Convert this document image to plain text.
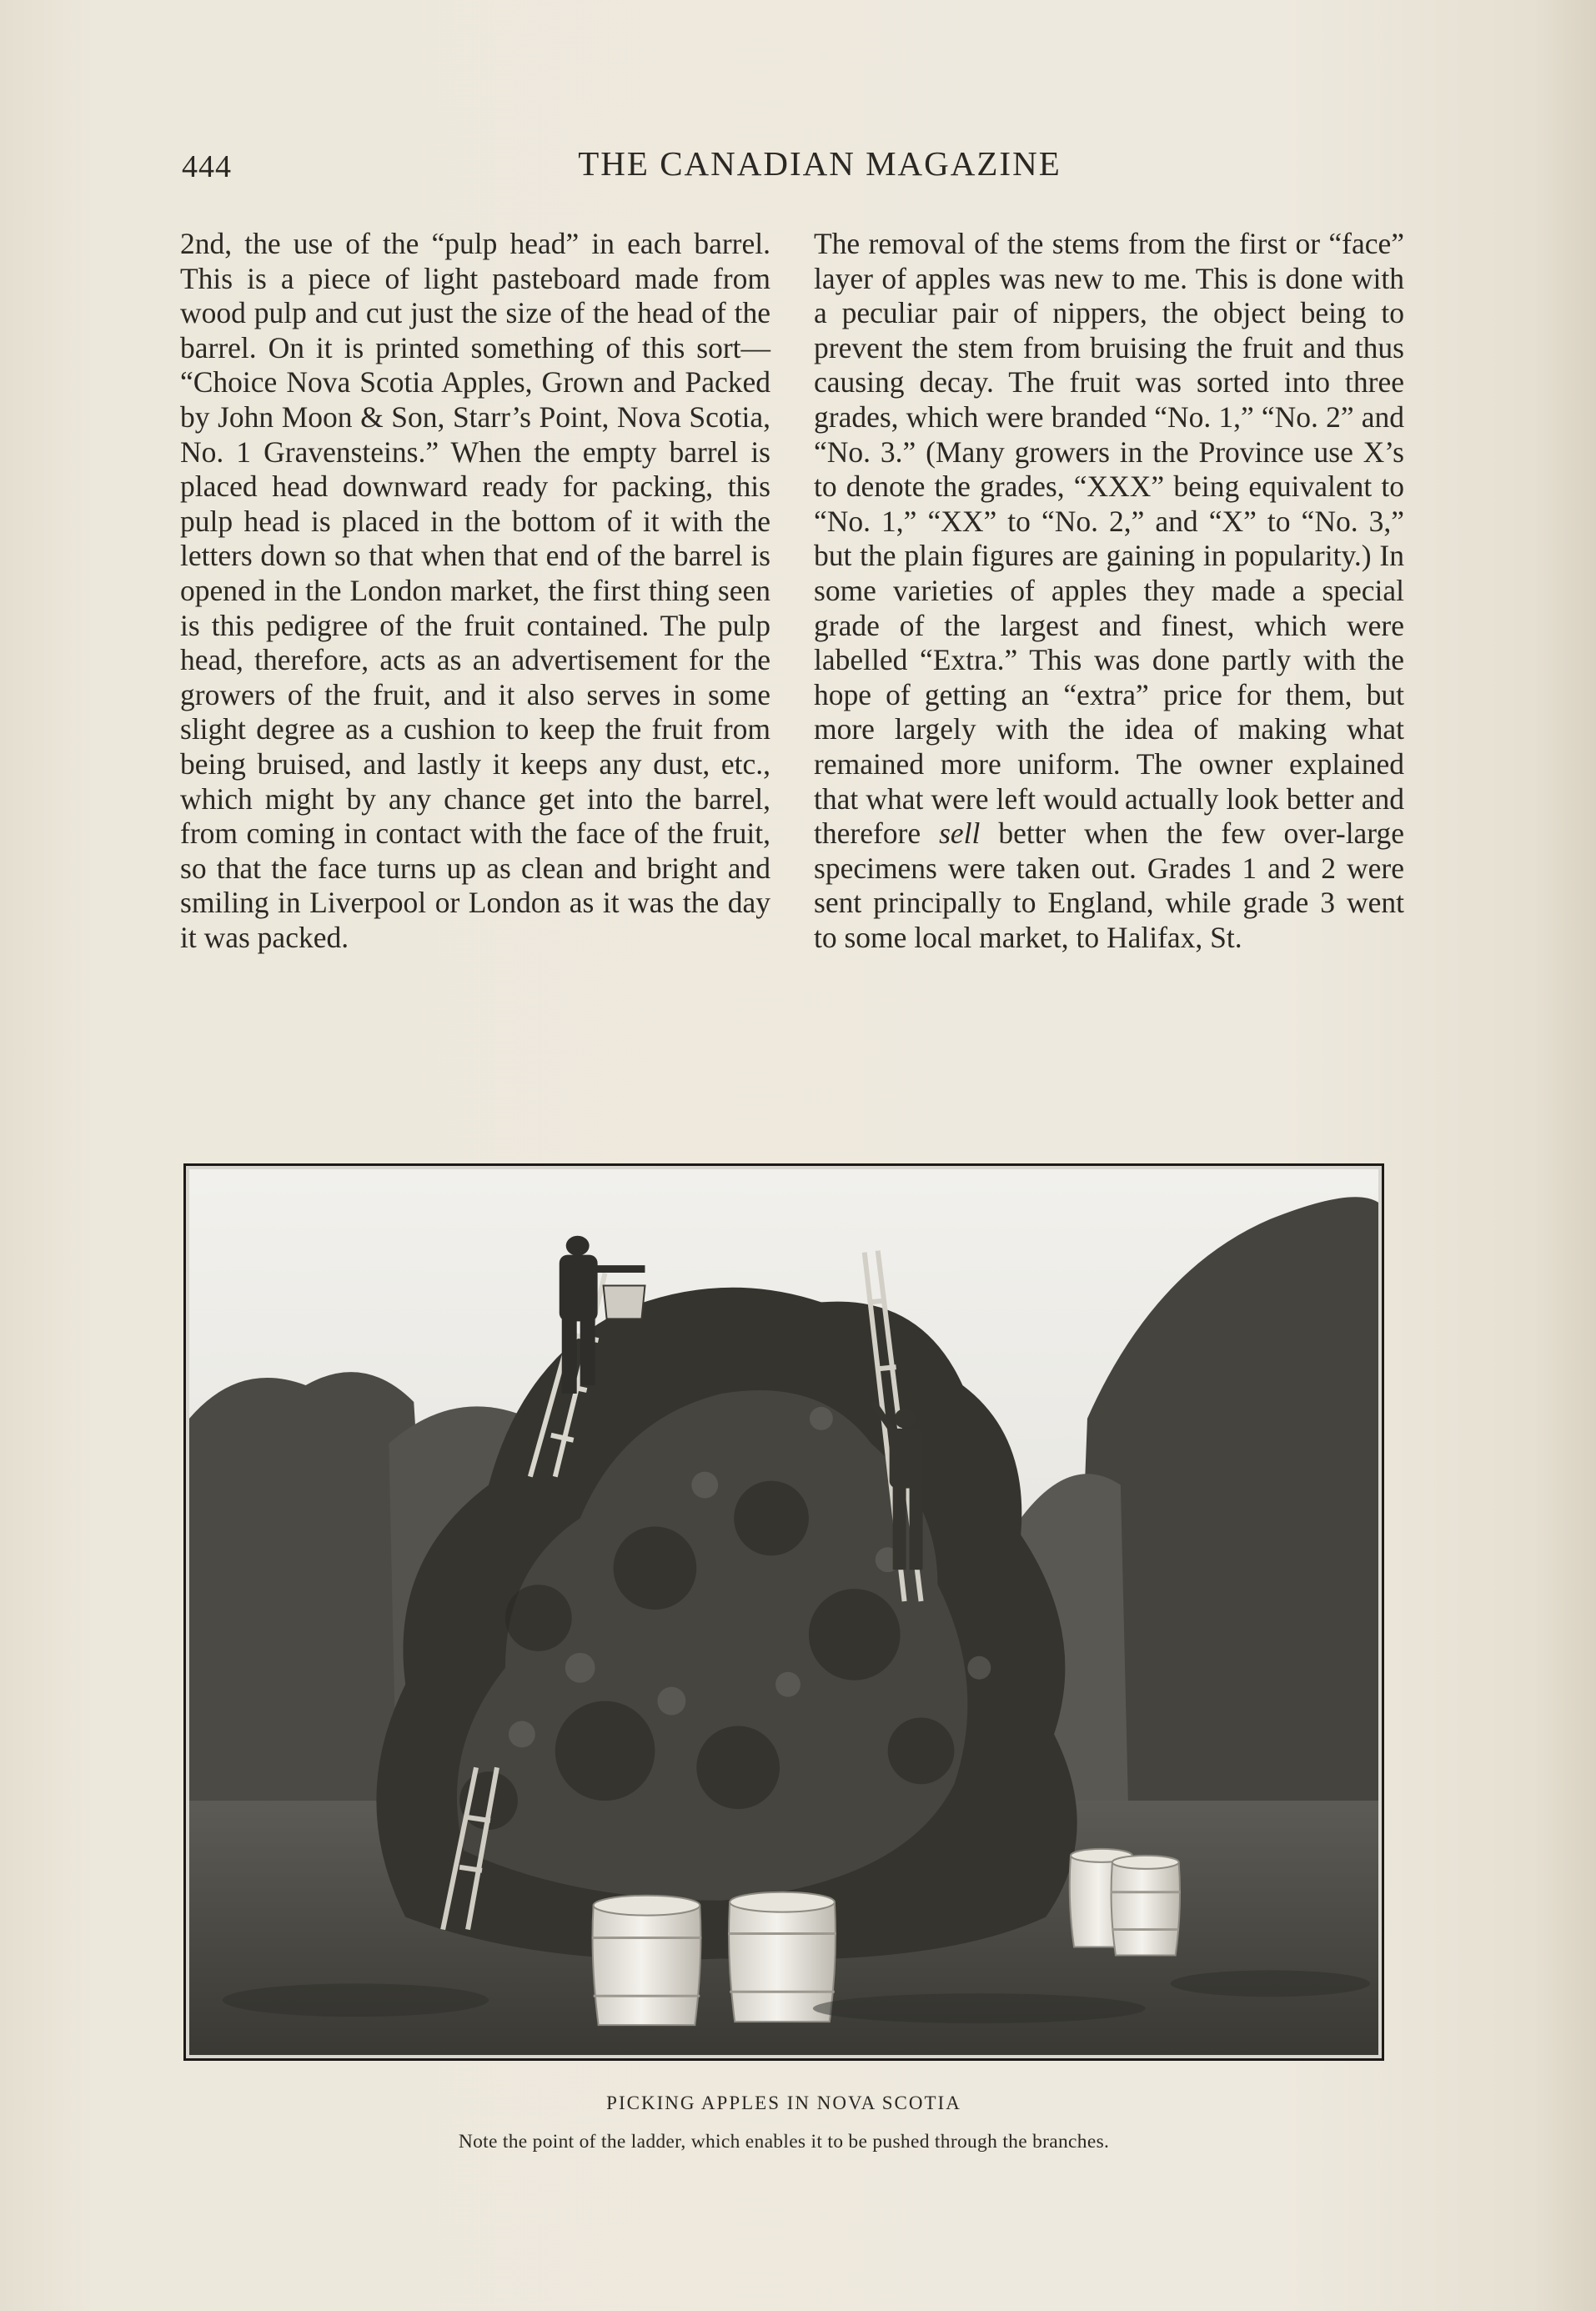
444	THE CANADIAN MAGAZINE

2nd, the use of the “pulp head” in each barrel. This is a piece of light pasteboard made from wood pulp and cut just the size of the head of the barrel. On it is printed something of this sort— “Choice Nova Scotia Apples, Grown and Packed by John Moon & Son, Starr’s Point, Nova Scotia, No. 1 Gravensteins.” When the empty barrel is placed head downward ready for packing, this pulp head is placed in the bottom of it with the letters down so that when that end of the barrel is opened in the London market, the first thing seen is this pedigree of the fruit contained. The pulp head, therefore, acts as an advertisement for the growers of the fruit, and it also serves in some slight degree as a cushion to keep the fruit from being bruised, and lastly it keeps any dust, etc., which might by any chance get into the barrel, from coming in contact with the face of the fruit, so that the face turns up as clean and bright and smiling in Liverpool or London as it was the day it was packed.

The removal of the stems from the first or “face” layer of apples was new to me. This is done with a peculiar pair of nippers, the object being to prevent the stem from bruising the fruit and thus causing decay. The fruit was sorted into three grades, which were branded “No. 1,” “No. 2” and “No. 3.” (Many growers in the Province use X’s to denote the grades, “XXX” being equivalent to “No. 1,” “XX” to “No. 2,” and “X” to “No. 3,” but the plain figures are gaining in popularity.) In some varieties of apples they made a special grade of the largest and finest, which were labelled “Extra.” This was done partly with the hope of getting an “extra” price for them, but more largely with the idea of making what remained more uniform. The owner explained that what were left would actually look better and therefore sell better when the few over-large specimens were taken out. Grades 1 and 2 were sent principally to England, while grade 3 went to some local market, to Halifax, St.

PICKING APPLES IN NOVA SCOTIA
Note the point of the ladder, which enables it to be pushed through the branches.
